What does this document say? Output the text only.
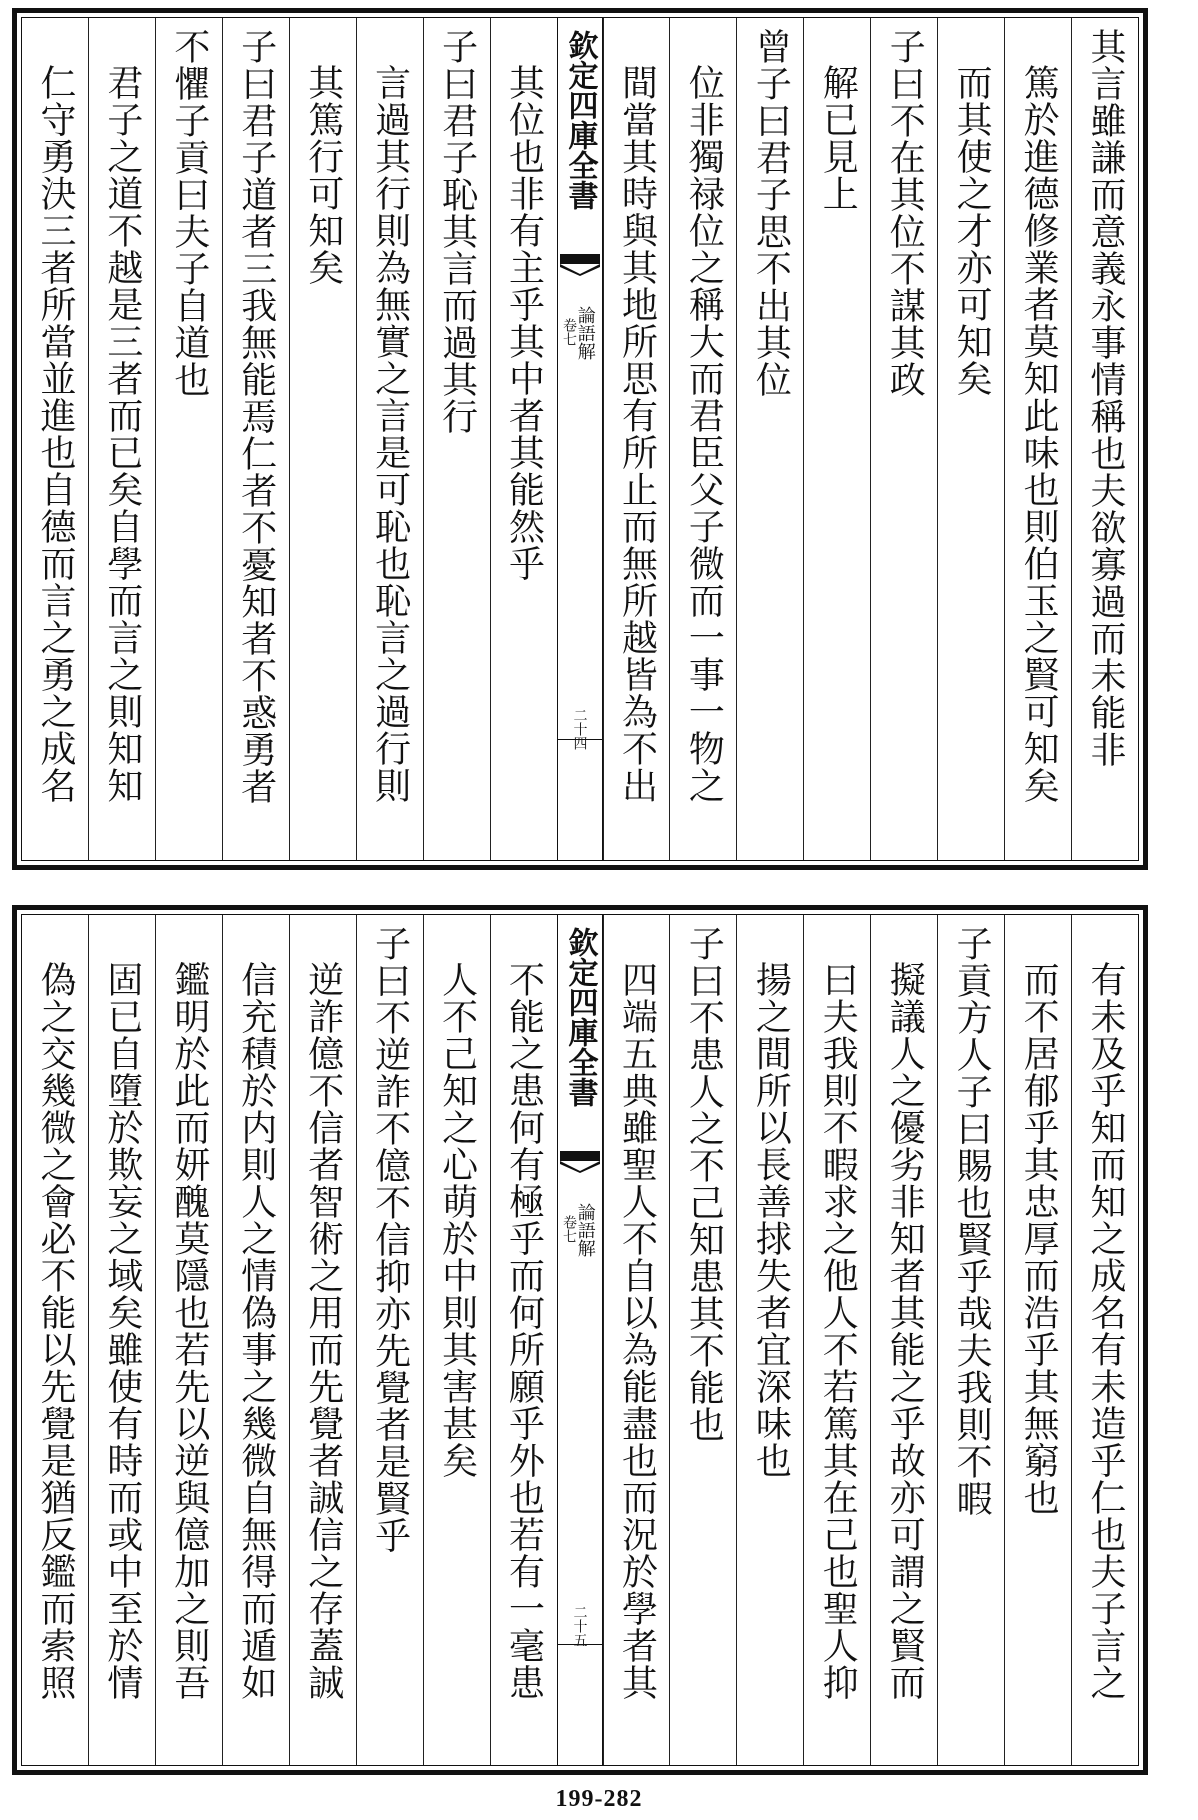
其言雖謙而意義永事情稱也夫欲寡過而未能非
篤於進德修業者莫知此味也則伯玉之賢可知矣
而其使之才亦可知矣
子曰不在其位不謀其政
解已見上
曾子曰君子思不出其位
位非獨禄位之稱大而君臣父子微而一事一物之
間當其時與其地所思有所止而無所越皆為不出
欽定四庫全書
論語解
卷七
二十四
其位也非有主乎其中者其能然乎
子曰君子恥其言而過其行
言過其行則為無實之言是可恥也恥言之過行則
其篤行可知矣
子曰君子道者三我無能焉仁者不憂知者不惑勇者
不懼子貢曰夫子自道也
君子之道不越是三者而已矣自學而言之則知知
仁守勇決三者所當並進也自德而言之勇之成名
有未及乎知而知之成名有未造乎仁也夫子言之
而不居郁乎其忠厚而浩乎其無窮也
子貢方人子曰賜也賢乎哉夫我則不暇
擬議人之優劣非知者其能之乎故亦可謂之賢而
曰夫我則不暇求之他人不若篤其在己也聖人抑
揚之間所以長善捄失者宜深味也
子曰不患人之不己知患其不能也
四端五典雖聖人不自以為能盡也而況於學者其
欽定四庫全書
論語解
卷七
二十五
不能之患何有極乎而何所願乎外也若有一毫患
人不己知之心萌於中則其害甚矣
子曰不逆詐不億不信抑亦先覺者是賢乎
逆詐億不信者智術之用而先覺者誠信之存蓋誠
信充積於内則人之情偽事之幾微自無得而遁如
鑑明於此而妍醜莫隱也若先以逆與億加之則吾
固已自墮於欺妄之域矣雖使有時而或中至於情
偽之交幾微之會必不能以先覺是猶反鑑而索照
199-282
